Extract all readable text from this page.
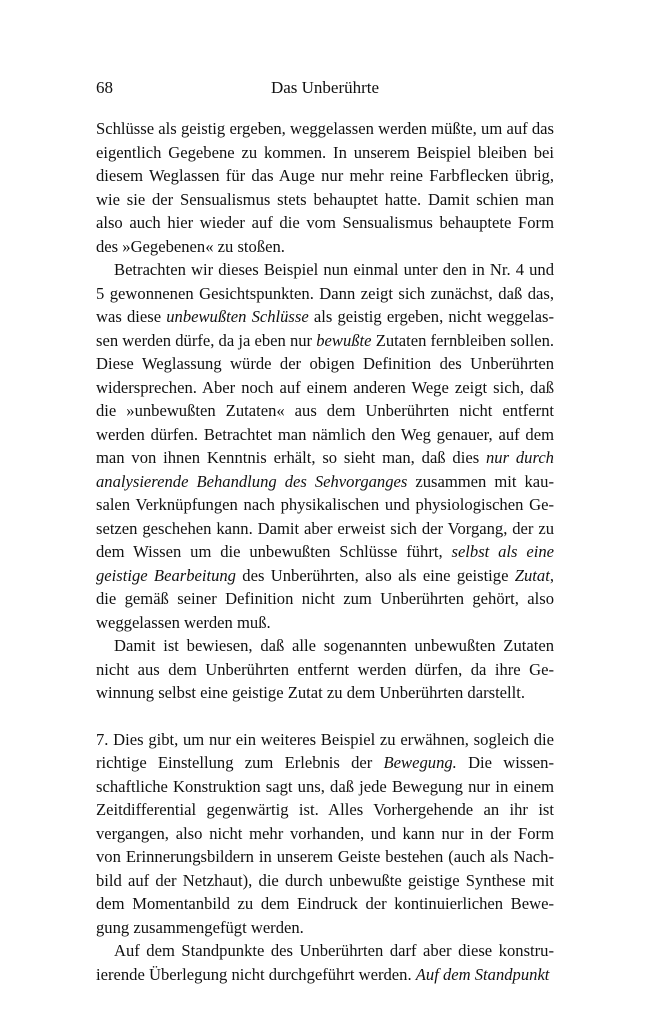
68	Das Unberührte

Schlüsse als geistig ergeben, weggelassen werden müßte, um auf das eigentlich Gegebene zu kommen. In unserem Beispiel bleiben bei diesem Weglassen für das Auge nur mehr reine Farbflecken übrig, wie sie der Sensualismus stets behauptet hatte. Damit schien man also auch hier wieder auf die vom Sensualismus behauptete Form des »Gegebenen« zu stoßen.

Betrachten wir dieses Beispiel nun einmal unter den in Nr. 4 und 5 gewonnenen Gesichtspunkten. Dann zeigt sich zunächst, daß das, was diese unbewußten Schlüsse als geistig ergeben, nicht weggelassen werden dürfe, da ja eben nur bewußte Zutaten fernbleiben sollen. Diese Weglassung würde der obigen Definition des Unberührten widersprechen. Aber noch auf einem anderen Wege zeigt sich, daß die »unbewußten Zutaten« aus dem Unberührten nicht entfernt werden dürfen. Betrachtet man nämlich den Weg genauer, auf dem man von ihnen Kenntnis erhält, so sieht man, daß dies nur durch analysierende Behandlung des Sehvorganges zusammen mit kausalen Verknüpfungen nach physikalischen und physiologischen Gesetzen geschehen kann. Damit aber erweist sich der Vorgang, der zu dem Wissen um die unbewußten Schlüsse führt, selbst als eine geistige Bearbeitung des Unberührten, also als eine geistige Zutat, die gemäß seiner Definition nicht zum Unberührten gehört, also weggelassen werden muß.

Damit ist bewiesen, daß alle sogenannten unbewußten Zutaten nicht aus dem Unberührten entfernt werden dürfen, da ihre Gewinnung selbst eine geistige Zutat zu dem Unberührten darstellt.

7. Dies gibt, um nur ein weiteres Beispiel zu erwähnen, sogleich die richtige Einstellung zum Erlebnis der Bewegung. Die wissenschaftliche Konstruktion sagt uns, daß jede Bewegung nur in einem Zeitdifferential gegenwärtig ist. Alles Vorhergehende an ihr ist vergangen, also nicht mehr vorhanden, und kann nur in der Form von Erinnerungsbildern in unserem Geiste bestehen (auch als Nachbild auf der Netzhaut), die durch unbewußte geistige Synthese mit dem Momentanbild zu dem Eindruck der kontinuierlichen Bewegung zusammengefügt werden.

Auf dem Standpunkte des Unberührten darf aber diese konstruierende Überlegung nicht durchgeführt werden. Auf dem Standpunkt
